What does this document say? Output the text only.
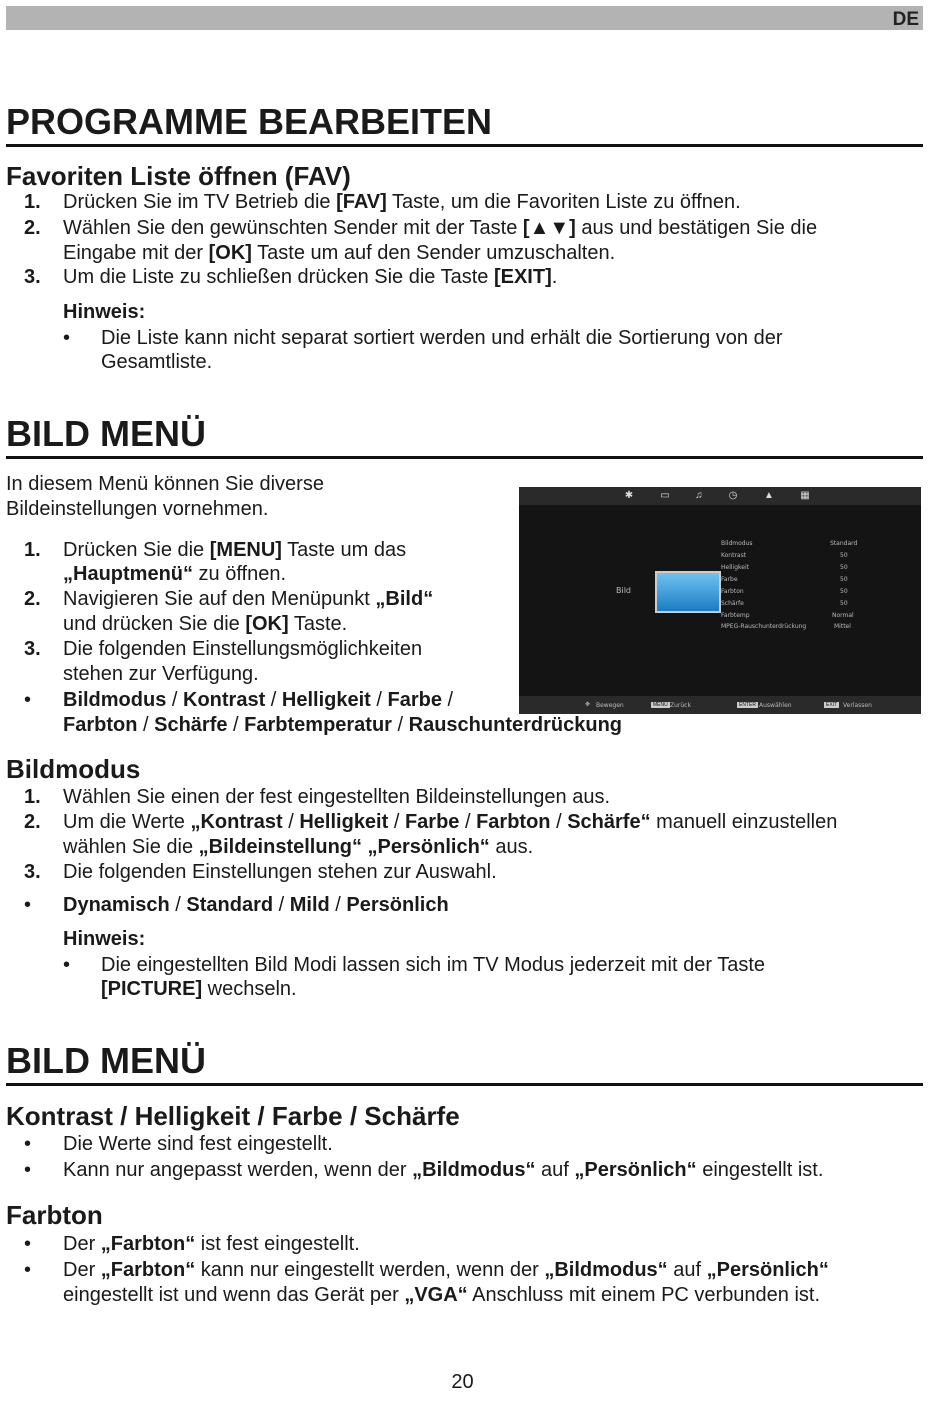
DE
PROGRAMME BEARBEITEN
Favoriten Liste öffnen (FAV)
1. Drücken Sie im TV Betrieb die [FAV] Taste, um die Favoriten Liste zu öffnen.
2. Wählen Sie den gewünschten Sender mit der Taste [▲▼] aus und bestätigen Sie die
Eingabe mit der [OK] Taste um auf den Sender umzuschalten.
3. Um die Liste zu schließen drücken Sie die Taste [EXIT].
Hinweis:
• Die Liste kann nicht separat sortiert werden und erhält die Sortierung von der
Gesamtliste.
BILD MENÜ
In diesem Menü können Sie diverse
Bildeinstellungen vornehmen.
1. Drücken Sie die [MENU] Taste um das
„Hauptmenü“ zu öffnen.
2. Navigieren Sie auf den Menüpunkt „Bild“
und drücken Sie die [OK] Taste.
3. Die folgenden Einstellungsmöglichkeiten
stehen zur Verfügung.
• Bildmodus / Kontrast / Helligkeit / Farbe /
Farbton / Schärfe / Farbtemperatur / Rauschunterdrückung
✱	▭	♫	◷	▲	▦
Bild
Bildmodus	Standard
Kontrast	50
Helligkeit	50
Farbe	50
Farbton	50
Schärfe	50
Farbtemp	Normal
MPEG-Rauschunterdrückung	Mittel
✥ Bewegen	MENU Zurück	ENTER Auswählen	EXIT Verlassen
Bildmodus
1. Wählen Sie einen der fest eingestellten Bildeinstellungen aus.
2. Um die Werte „Kontrast / Helligkeit / Farbe / Farbton / Schärfe“ manuell einzustellen
wählen Sie die „Bildeinstellung“ „Persönlich“ aus.
3. Die folgenden Einstellungen stehen zur Auswahl.
• Dynamisch / Standard / Mild / Persönlich
Hinweis:
• Die eingestellten Bild Modi lassen sich im TV Modus jederzeit mit der Taste
[PICTURE] wechseln.
BILD MENÜ
Kontrast / Helligkeit / Farbe / Schärfe
• Die Werte sind fest eingestellt.
• Kann nur angepasst werden, wenn der „Bildmodus“ auf „Persönlich“ eingestellt ist.
Farbton
• Der „Farbton“ ist fest eingestellt.
• Der „Farbton“ kann nur eingestellt werden, wenn der „Bildmodus“ auf „Persönlich“
eingestellt ist und wenn das Gerät per „VGA“ Anschluss mit einem PC verbunden ist.
20
